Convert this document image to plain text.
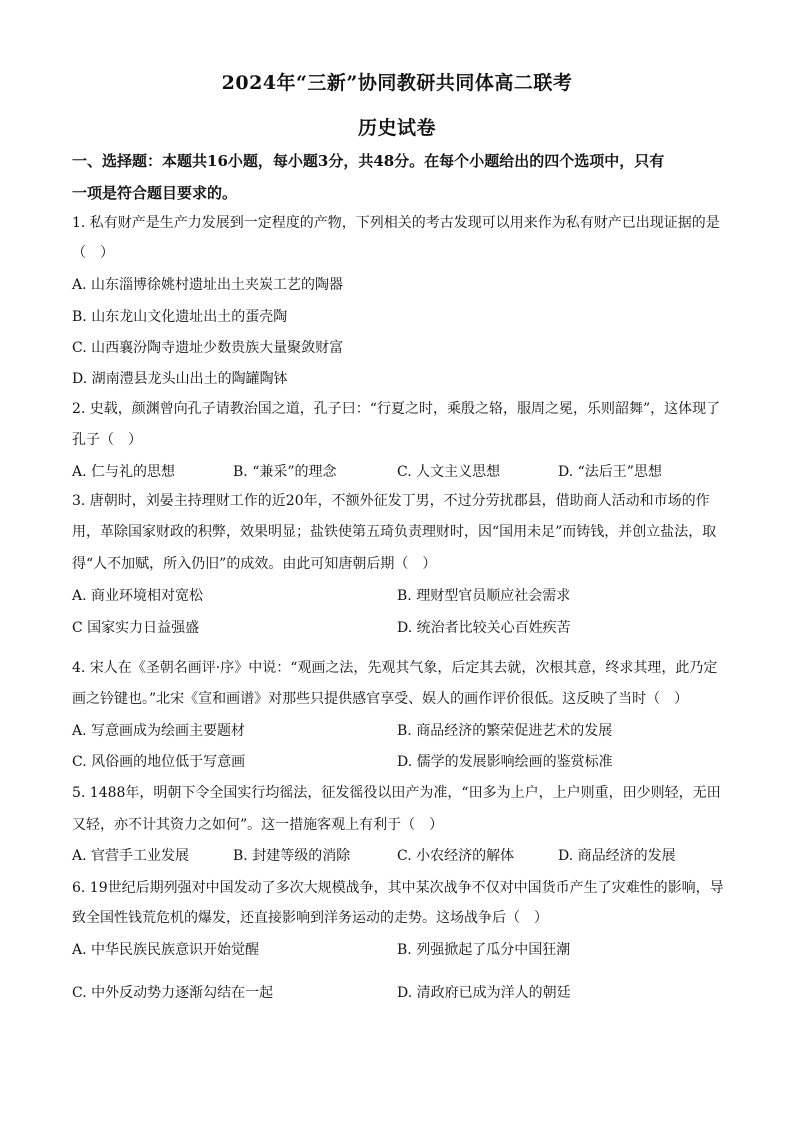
2024年“三新”协同教研共同体高二联考
历史试卷
一、选择题：本题共16小题，每小题3分，共48分。在每个小题给出的四个选项中，只有
一项是符合题目要求的。
1. 私有财产是生产力发展到一定程度的产物，下列相关的考古发现可以用来作为私有财产已出现证据的是
（　）
A. 山东淄博徐姚村遗址出土夹炭工艺的陶器
B. 山东龙山文化遗址出土的蛋壳陶
C. 山西襄汾陶寺遗址少数贵族大量聚敛财富
D. 湖南澧县龙头山出土的陶罐陶钵
2. 史载，颜渊曾向孔子请教治国之道，孔子曰：“行夏之时，乘殷之辂，服周之冕，乐则韶舞”，这体现了
孔子（　）
A. 仁与礼的思想	B. “兼采”的理念	C. 人文主义思想	D. “法后王”思想
3. 唐朝时，刘晏主持理财工作的近20年，不额外征发丁男，不过分劳扰郡县，借助商人活动和市场的作
用，革除国家财政的积弊，效果明显；盐铁使第五琦负责理财时，因“国用未足”而铸钱，并创立盐法，取
得“人不加赋，所入仍旧”的成效。由此可知唐朝后期（　）
A. 商业环境相对宽松	B. 理财型官员顺应社会需求
C 国家实力日益强盛	D. 统治者比较关心百姓疾苦
4. 宋人在《圣朝名画评·序》中说：“观画之法，先观其气象，后定其去就，次根其意，终求其理，此乃定
画之钤键也。”北宋《宣和画谱》对那些只提供感官享受、娱人的画作评价很低。这反映了当时（　）
A. 写意画成为绘画主要题材	B. 商品经济的繁荣促进艺术的发展
C. 风俗画的地位低于写意画	D. 儒学的发展影响绘画的鉴赏标准
5. 1488年，明朝下令全国实行均徭法，征发徭役以田产为准，“田多为上户，上户则重，田少则轻，无田
又轻，亦不计其资力之如何”。这一措施客观上有利于（　）
A. 官营手工业发展	B. 封建等级的消除	C. 小农经济的解体	D. 商品经济的发展
6. 19世纪后期列强对中国发动了多次大规模战争，其中某次战争不仅对中国货币产生了灾难性的影响，导
致全国性钱荒危机的爆发，还直接影响到洋务运动的走势。这场战争后（　）
A. 中华民族民族意识开始觉醒	B. 列强掀起了瓜分中国狂潮
C. 中外反动势力逐渐勾结在一起	D. 清政府已成为洋人的朝廷
